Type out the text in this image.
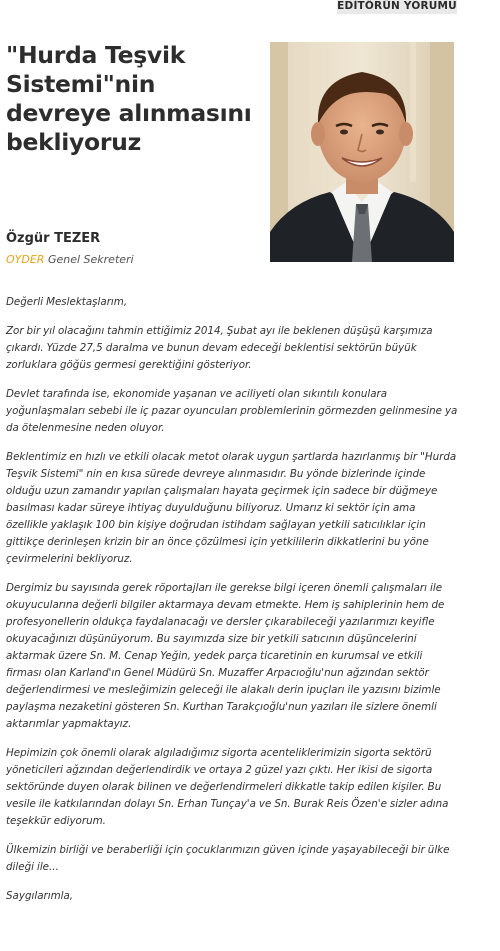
EDİTÖRÜN YORUMU
"Hurda Teşvik
Sistemi"nin
devreye alınmasını
bekliyoruz
Özgür TEZER
OYDER Genel Sekreteri

Değerli Meslektaşlarım,

Zor bir yıl olacağını tahmin ettiğimiz 2014, Şubat ayı ile beklenen düşüşü karşımıza çıkardı. Yüzde 27,5 daralma ve bunun devam edeceği beklentisi sektörün büyük zorluklara göğüs germesi gerektiğini gösteriyor.

Devlet tarafında ise, ekonomide yaşanan ve aciliyeti olan sıkıntılı konulara yoğunlaşmaları sebebi ile iç pazar oyuncuları problemlerinin görmezden gelinmesine ya da ötelenmesine neden oluyor.

Beklentimiz en hızlı ve etkili olacak metot olarak uygun şartlarda hazırlanmış bir "Hurda Teşvik Sistemi" nin en kısa sürede devreye alınmasıdır. Bu yönde bizlerinde içinde olduğu uzun zamandır yapılan çalışmaları hayata geçirmek için sadece bir düğmeye basılması kadar süreye ihtiyaç duyulduğunu biliyoruz. Umarız ki sektör için ama özellikle yaklaşık 100 bin kişiye doğrudan istihdam sağlayan yetkili satıcılıklar için gittikçe derinleşen krizin bir an önce çözülmesi için yetkililerin dikkatlerini bu yöne çevirmelerini bekliyoruz.

Dergimiz bu sayısında gerek röportajları ile gerekse bilgi içeren önemli çalışmaları ile okuyucularına değerli bilgiler aktarmaya devam etmekte. Hem iş sahiplerinin hem de profesyonellerin oldukça faydalanacağı ve dersler çıkarabileceği yazılarımızı keyifle okuyacağınızı düşünüyorum. Bu sayımızda size bir yetkili satıcının düşüncelerini aktarmak üzere Sn. M. Cenap Yeğin, yedek parça ticaretinin en kurumsal ve etkili firması olan Karland'ın Genel Müdürü Sn. Muzaffer Arpacıoğlu'nun ağzından sektör değerlendirmesi ve mesleğimizin geleceği ile alakalı derin ipuçları ile yazısını bizimle paylaşma nezaketini gösteren Sn. Kurthan Tarakçıoğlu'nun yazıları ile sizlere önemli aktarımlar yapmaktayız.

Hepimizin çok önemli olarak algıladığımız sigorta acenteliklerimizin sigorta sektörü yöneticileri ağzından değerlendirdik ve ortaya 2 güzel yazı çıktı. Her ikisi de sigorta sektöründe duyen olarak bilinen ve değerlendirmeleri dikkatle takip edilen kişiler. Bu vesile ile katkılarından dolayı Sn. Erhan Tunçay'a ve Sn. Burak Reis Özen'e sizler adına teşekkür ediyorum.

Ülkemizin birliği ve beraberliği için çocuklarımızın güven içinde yaşayabileceği bir ülke dileği ile...

Saygılarımla,
